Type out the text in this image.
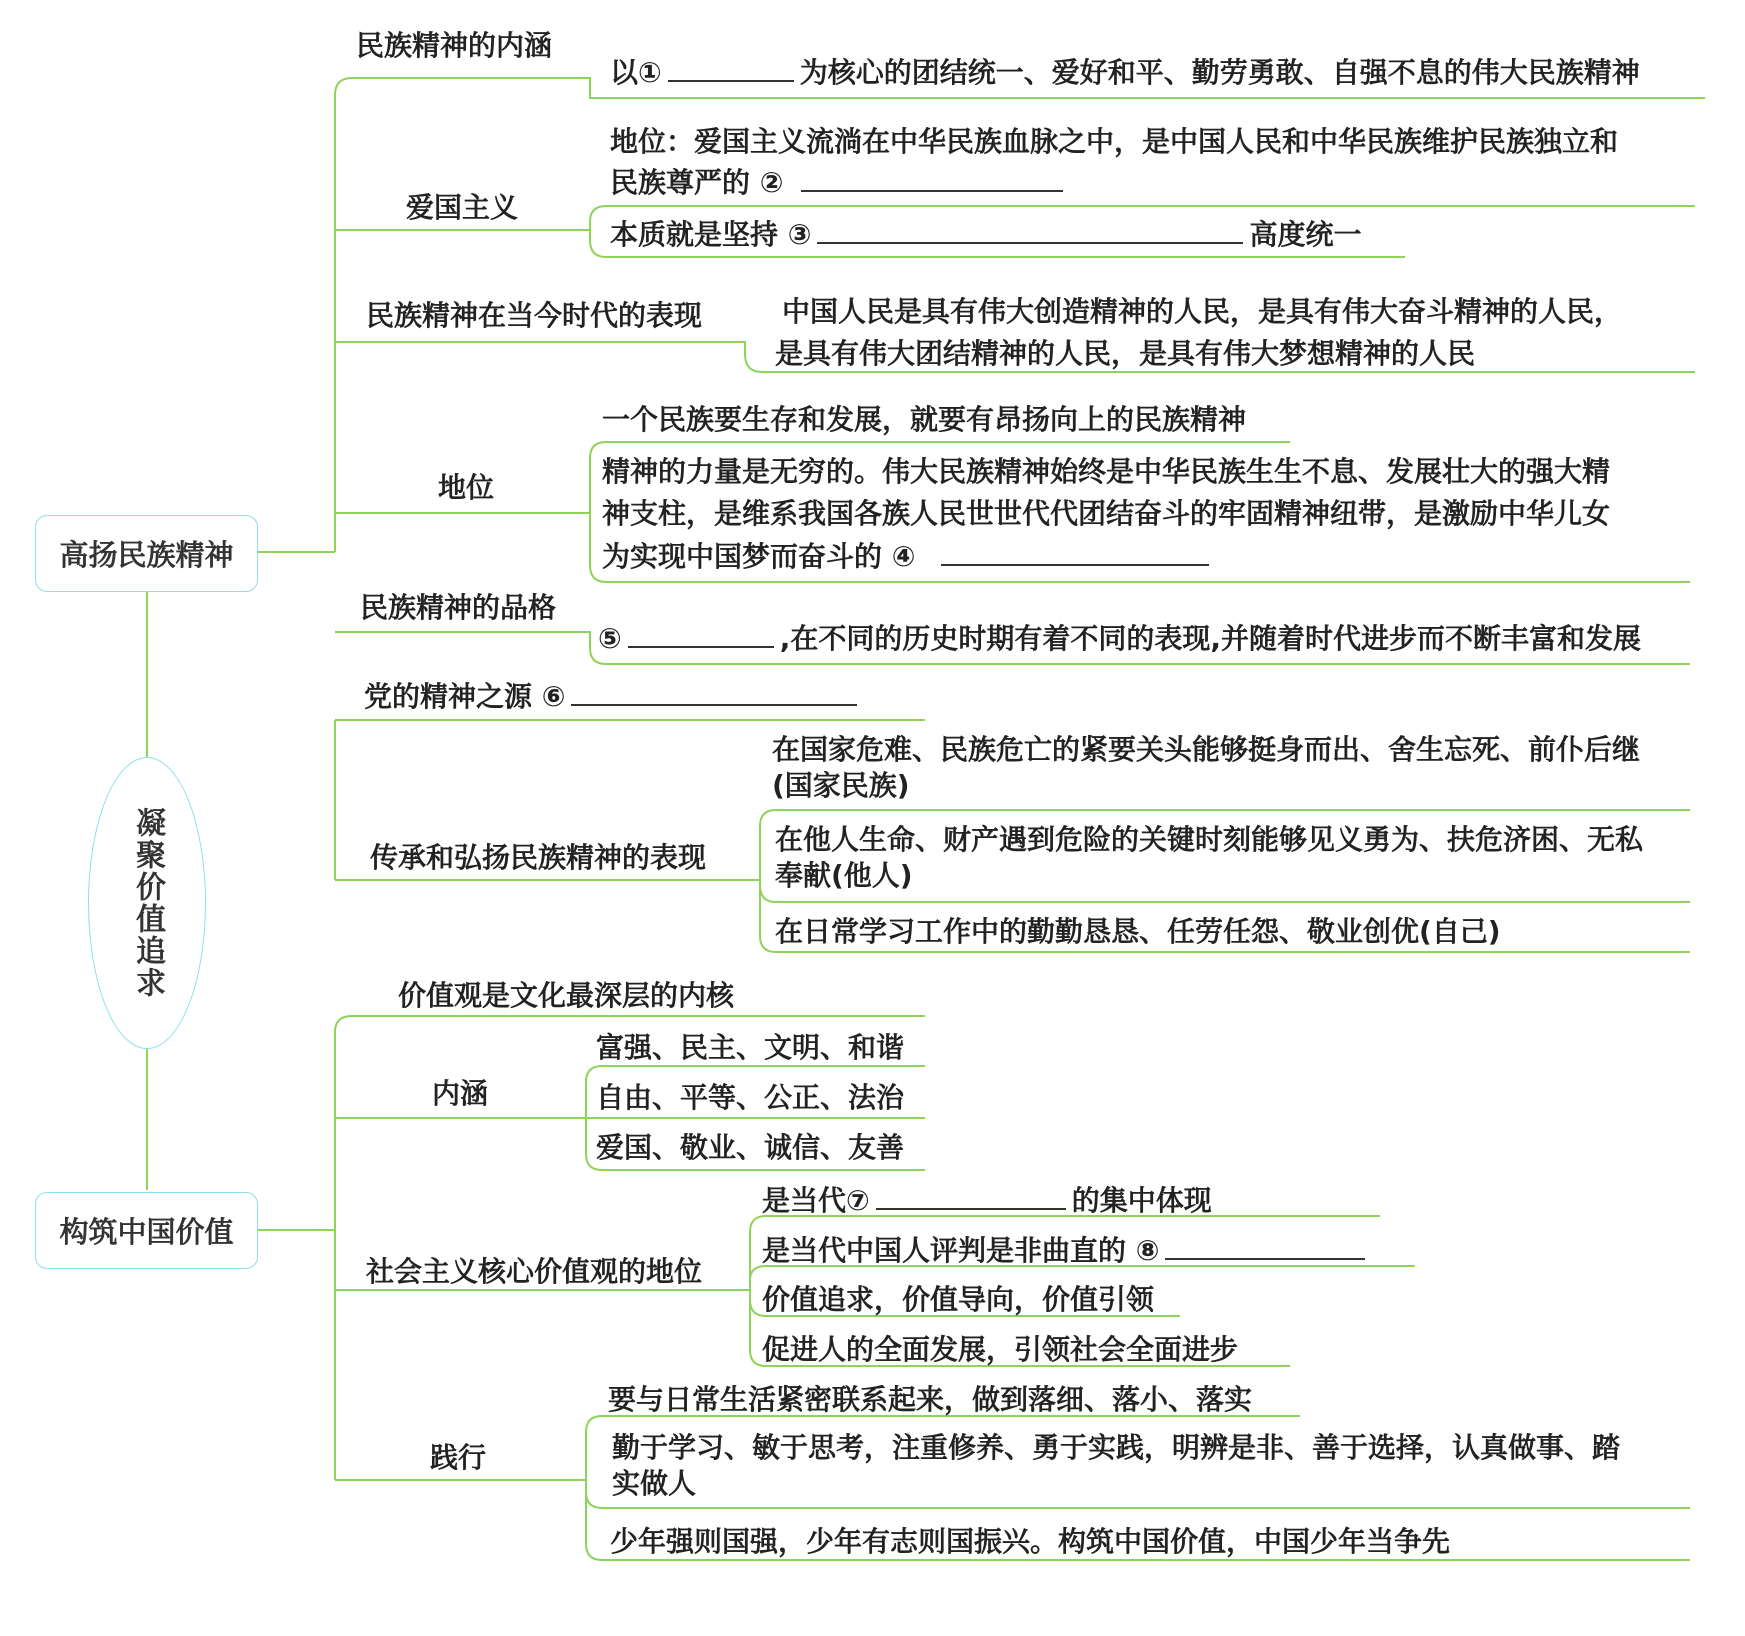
凝聚价值追求
高扬民族精神
民族精神的内涵
以①	为核心的团结统一、爱好和平、勤劳勇敢、自强不息的伟大民族精神
爱国主义
地位：爱国主义流淌在中华民族血脉之中，是中国人民和中华民族维护民族独立和
民族尊严的 ②
本质就是坚持 ③	高度统一
民族精神在当今时代的表现	中国人民是具有伟大创造精神的人民，是具有伟大奋斗精神的人民，
是具有伟大团结精神的人民，是具有伟大梦想精神的人民
地位
一个民族要生存和发展，就要有昂扬向上的民族精神
精神的力量是无穷的。伟大民族精神始终是中华民族生生不息、发展壮大的强大精
神支柱，是维系我国各族人民世世代代团结奋斗的牢固精神纽带，是激励中华儿女
为实现中国梦而奋斗的 ④
民族精神的品格
⑤	,在不同的历史时期有着不同的表现,并随着时代进步而不断丰富和发展
党的精神之源 ⑥
传承和弘扬民族精神的表现
在国家危难、民族危亡的紧要关头能够挺身而出、舍生忘死、前仆后继
(国家民族)
在他人生命、财产遇到危险的关键时刻能够见义勇为、扶危济困、无私
奉献(他人)
在日常学习工作中的勤勤恳恳、任劳任怨、敬业创优(自己)
构筑中国价值
价值观是文化最深层的内核
内涵
富强、民主、文明、和谐
自由、平等、公正、法治
爱国、敬业、诚信、友善
社会主义核心价值观的地位
是当代⑦	的集中体现
是当代中国人评判是非曲直的 ⑧
价值追求，价值导向，价值引领
促进人的全面发展，引领社会全面进步
践行
要与日常生活紧密联系起来，做到落细、落小、落实
勤于学习、敏于思考，注重修养、勇于实践，明辨是非、善于选择，认真做事、踏
实做人
少年强则国强，少年有志则国振兴。构筑中国价值，中国少年当争先
